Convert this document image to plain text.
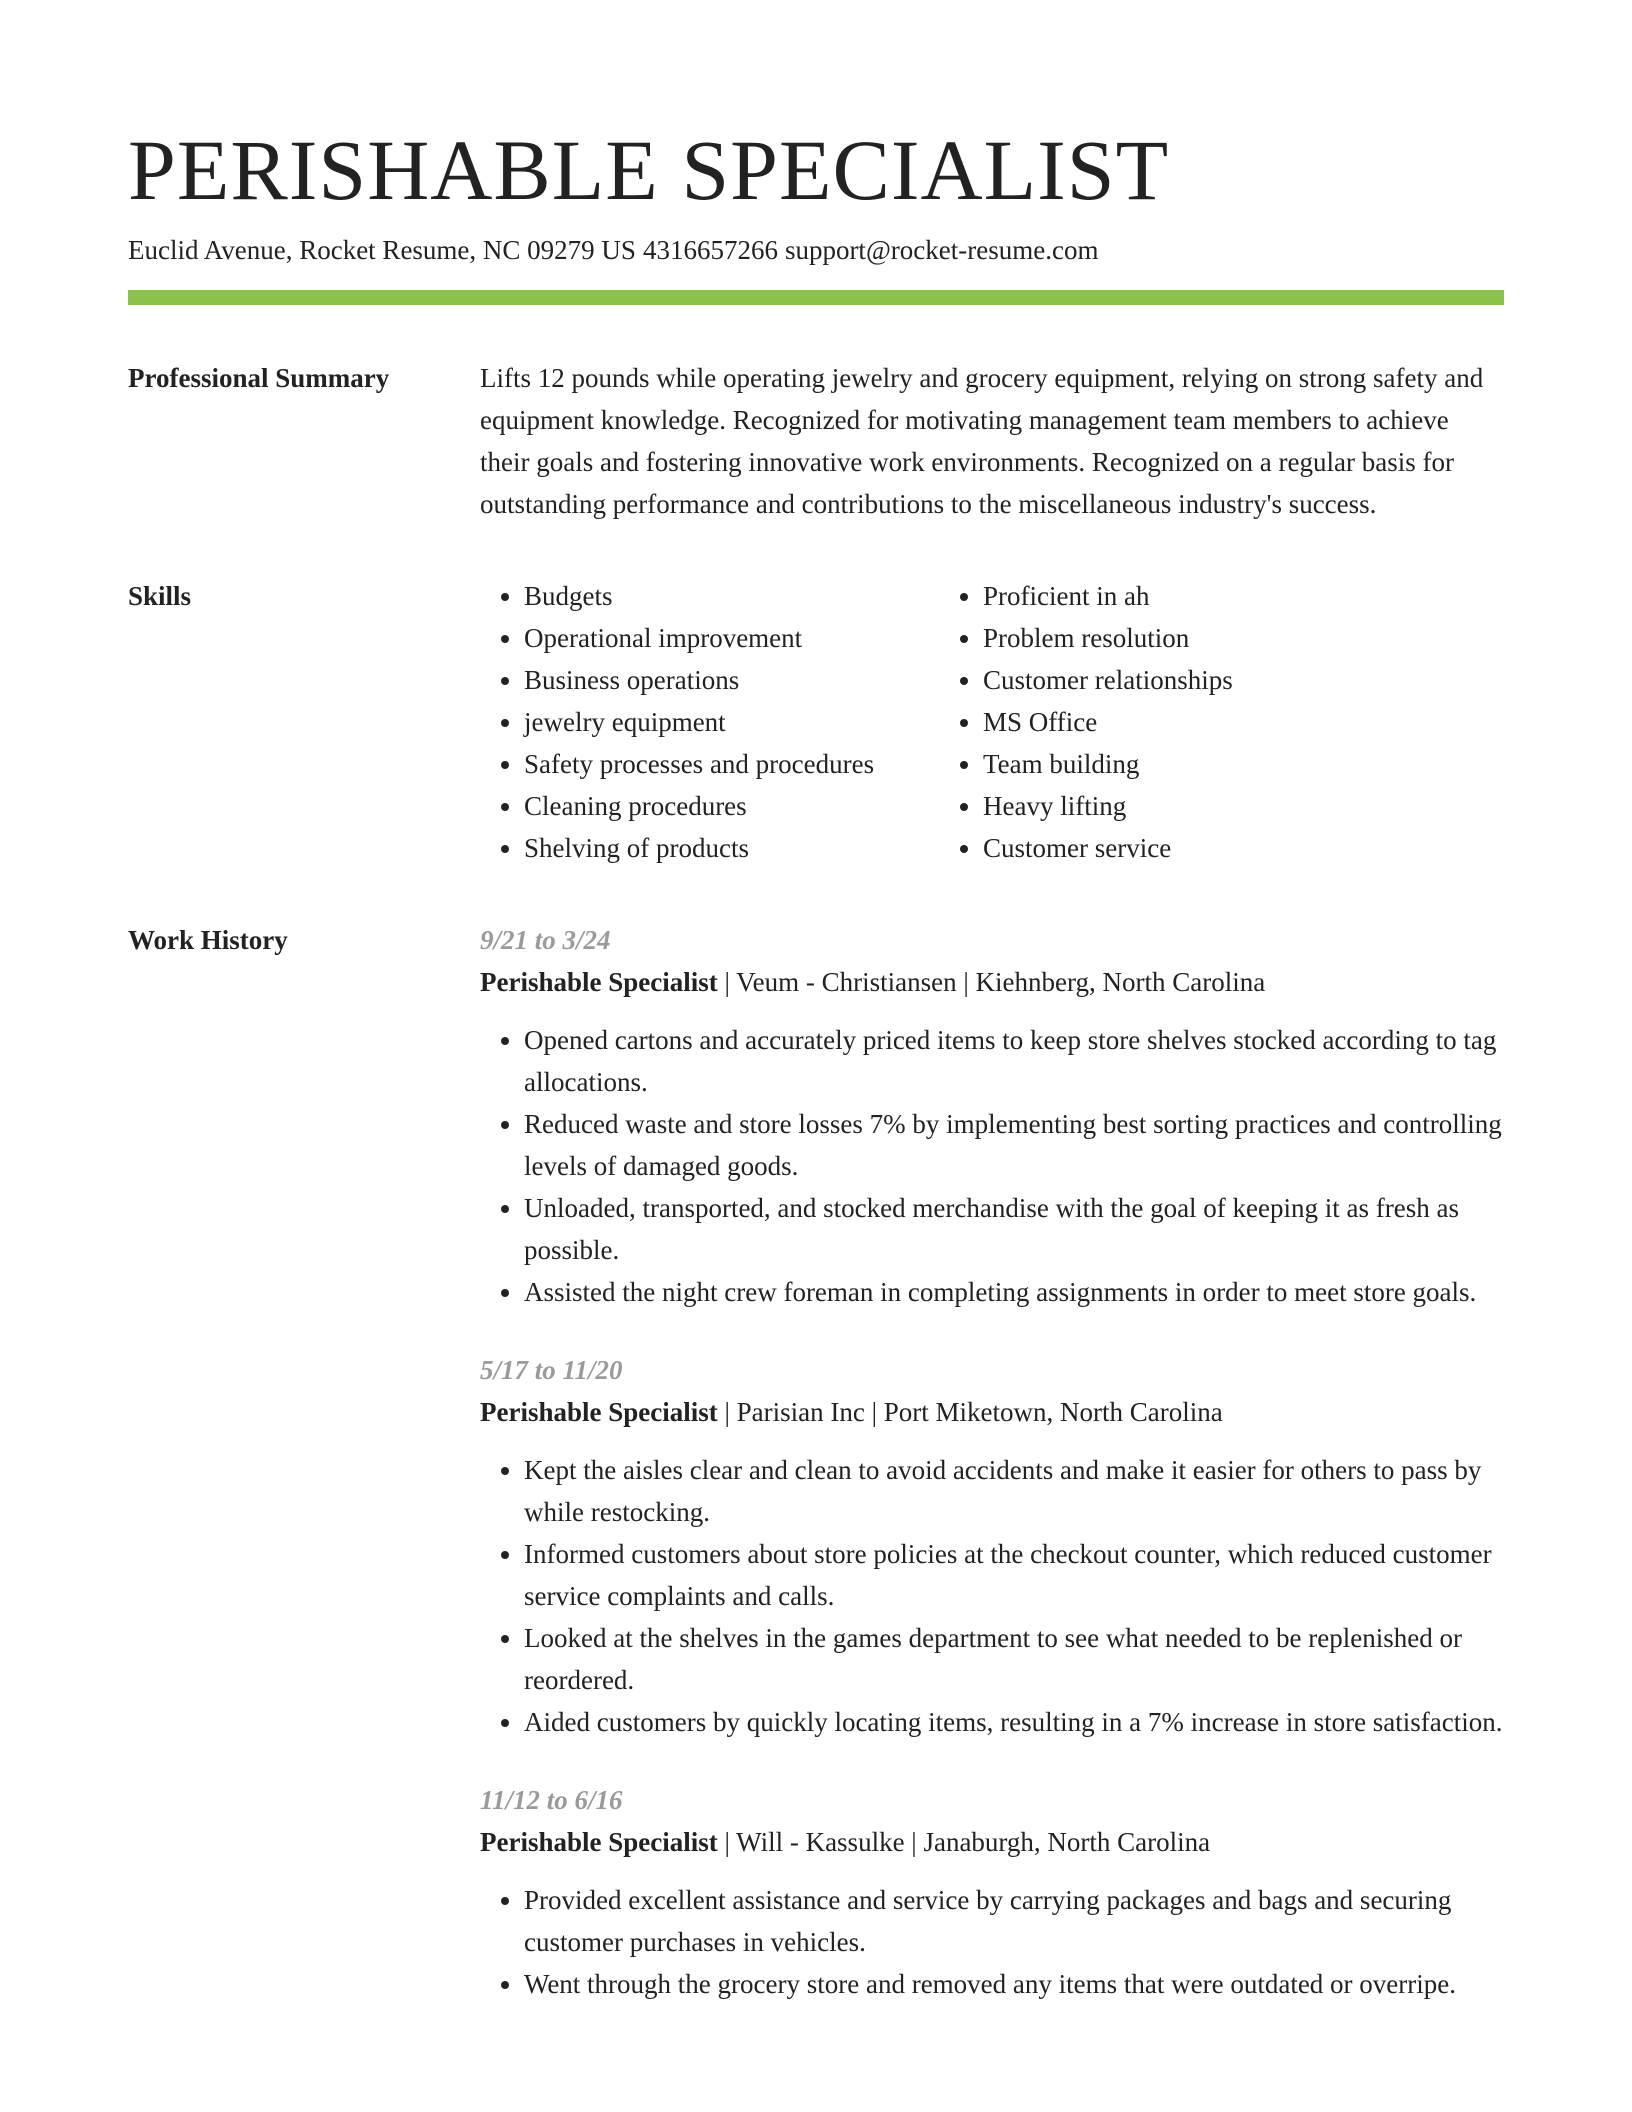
PERISHABLE SPECIALIST
Euclid Avenue, Rocket Resume, NC 09279 US 4316657266 support@rocket-resume.com
Professional Summary	Lifts 12 pounds while operating jewelry and grocery equipment, relying on strong safety and equipment knowledge. Recognized for motivating management team members to achieve their goals and fostering innovative work environments. Recognized on a regular basis for outstanding performance and contributions to the miscellaneous industry's success.

Skills
•	Budgets
• Operational improvement
• Business operations
• jewelry equipment
• Safety processes and procedures
• Cleaning procedures
• Shelving of products
• Proficient in ah
• Problem resolution
• Customer relationships
• MS Office
• Team building
• Heavy lifting
• Customer service
Work History	9/21 to 3/24
Perishable Specialist | Veum - Christiansen | Kiehnberg, North Carolina
• Opened cartons and accurately priced items to keep store shelves stocked according to tag allocations.
• Reduced waste and store losses 7% by implementing best sorting practices and controlling levels of damaged goods.
• Unloaded, transported, and stocked merchandise with the goal of keeping it as fresh as possible.
• Assisted the night crew foreman in completing assignments in order to meet store goals.
5/17 to 11/20
Perishable Specialist | Parisian Inc | Port Miketown, North Carolina
• Kept the aisles clear and clean to avoid accidents and make it easier for others to pass by while restocking.
• Informed customers about store policies at the checkout counter, which reduced customer service complaints and calls.
• Looked at the shelves in the games department to see what needed to be replenished or reordered.
• Aided customers by quickly locating items, resulting in a 7% increase in store satisfaction.
11/12 to 6/16
Perishable Specialist | Will - Kassulke | Janaburgh, North Carolina
• Provided excellent assistance and service by carrying packages and bags and securing customer purchases in vehicles.
• Went through the grocery store and removed any items that were outdated or overripe.
